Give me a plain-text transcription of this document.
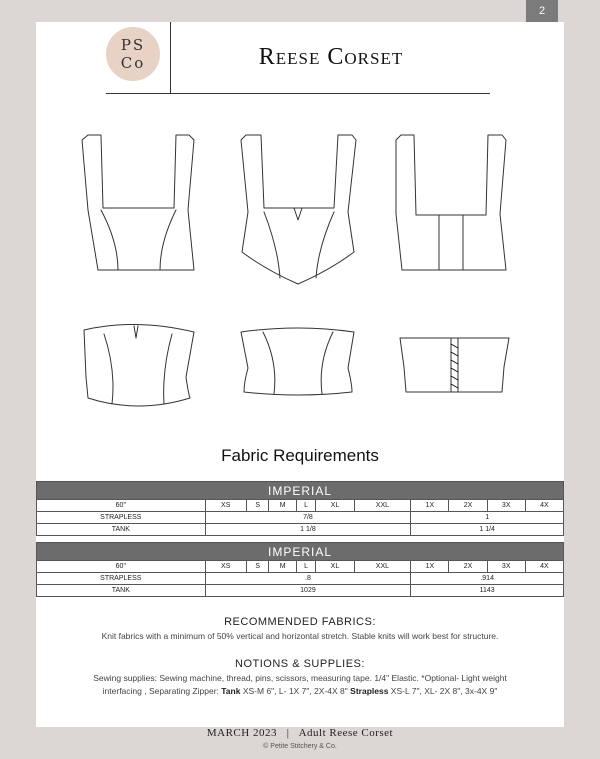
2
PS
Co	Reese Corset
Fabric Requirements
IMPERIAL										
60"	XS	S	M	L	XL	XXL	1X	2X	3X	4X
STRAPLESS	7/8						1			
TANK	1 1/8						1 1/4			
IMPERIAL										
60"	XS	S	M	L	XL	XXL	1X	2X	3X	4X
STRAPLESS	.8						.914			
TANK	1029						1143			
RECOMMENDED FABRICS:
Knit fabrics with a minimum of 50% vertical and horizontal stretch. Stable knits will work best for structure.
NOTIONS & SUPPLIES:
Sewing supplies: Sewing machine, thread, pins, scissors, measuring tape. 1/4" Elastic. *Optional- Light weight
interfacing , Separating Zipper: Tank XS-M 6", L- 1X 7", 2X-4X 8" Strapless XS-L 7", XL- 2X 8", 3x-4X 9"
MARCH 2023 | Adult Reese Corset
© Petite Stitchery & Co.
